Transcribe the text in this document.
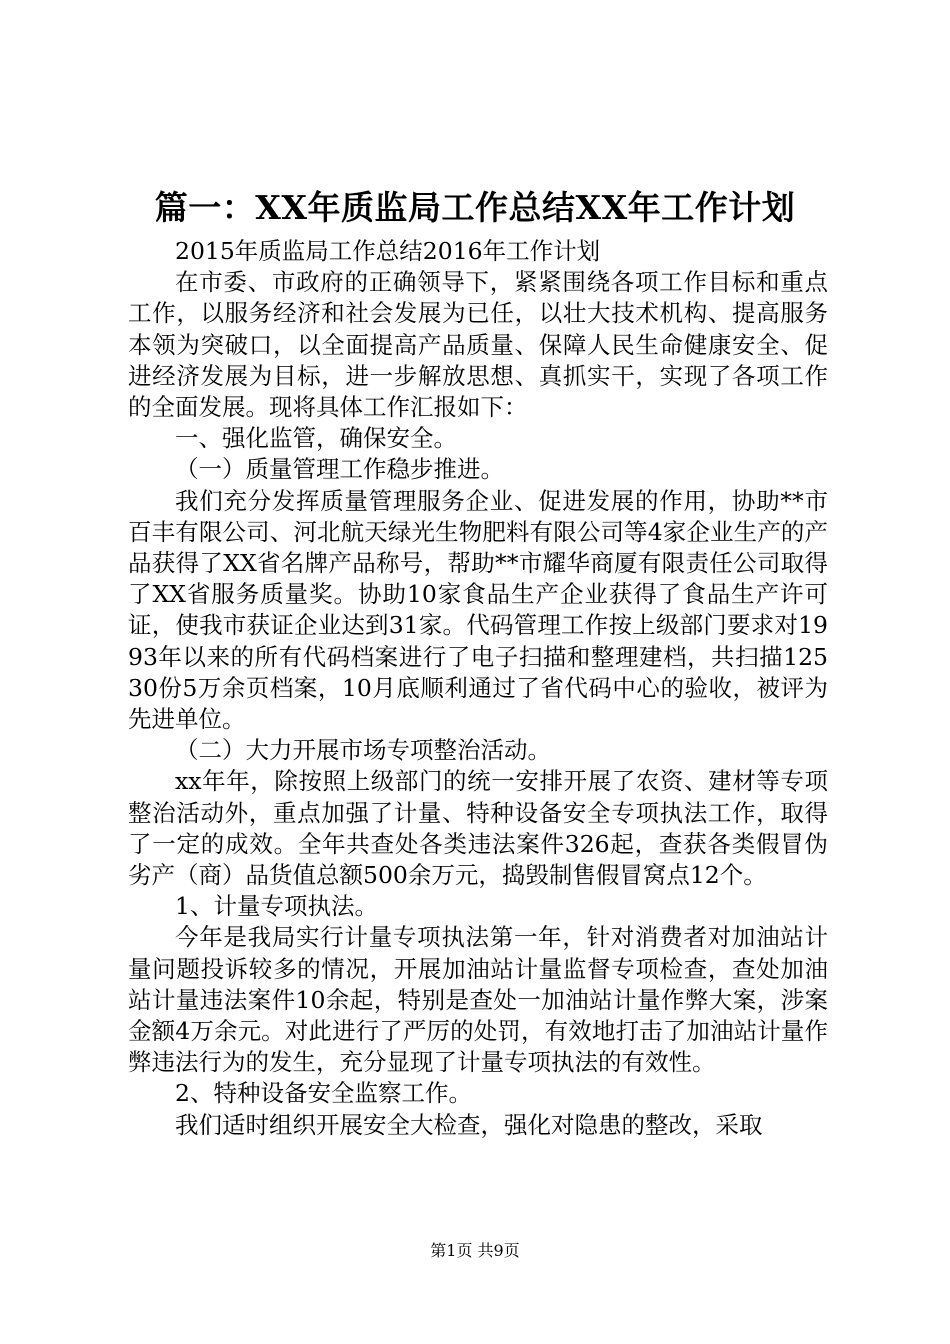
篇一：XX年质监局工作总结XX年工作计划

2015年质监局工作总结2016年工作计划

在市委、市政府的正确领导下，紧紧围绕各项工作目标和重点工作，以服务经济和社会发展为已任，以壮大技术机构、提高服务本领为突破口，以全面提高产品质量、保障人民生命健康安全、促进经济发展为目标，进一步解放思想、真抓实干，实现了各项工作的全面发展。现将具体工作汇报如下：

一、强化监管，确保安全。

（一）质量管理工作稳步推进。

我们充分发挥质量管理服务企业、促进发展的作用，协助**市百丰有限公司、河北航天绿光生物肥料有限公司等4家企业生产的产品获得了XX省名牌产品称号，帮助**市耀华商厦有限责任公司取得了XX省服务质量奖。协助10家食品生产企业获得了食品生产许可证，使我市获证企业达到31家。代码管理工作按上级部门要求对1993年以来的所有代码档案进行了电子扫描和整理建档，共扫描12530份5万余页档案，10月底顺利通过了省代码中心的验收，被评为先进单位。

（二）大力开展市场专项整治活动。

xx年年，除按照上级部门的统一安排开展了农资、建材等专项整治活动外，重点加强了计量、特种设备安全专项执法工作，取得了一定的成效。全年共查处各类违法案件326起，查获各类假冒伪劣产（商）品货值总额500余万元，捣毁制售假冒窝点12个。

1、计量专项执法。

今年是我局实行计量专项执法第一年，针对消费者对加油站计量问题投诉较多的情况，开展加油站计量监督专项检查，查处加油站计量违法案件10余起，特别是查处一加油站计量作弊大案，涉案金额4万余元。对此进行了严厉的处罚，有效地打击了加油站计量作弊违法行为的发生，充分显现了计量专项执法的有效性。

2、特种设备安全监察工作。

我们适时组织开展安全大检查，强化对隐患的整改，采取

第1页 共9页
